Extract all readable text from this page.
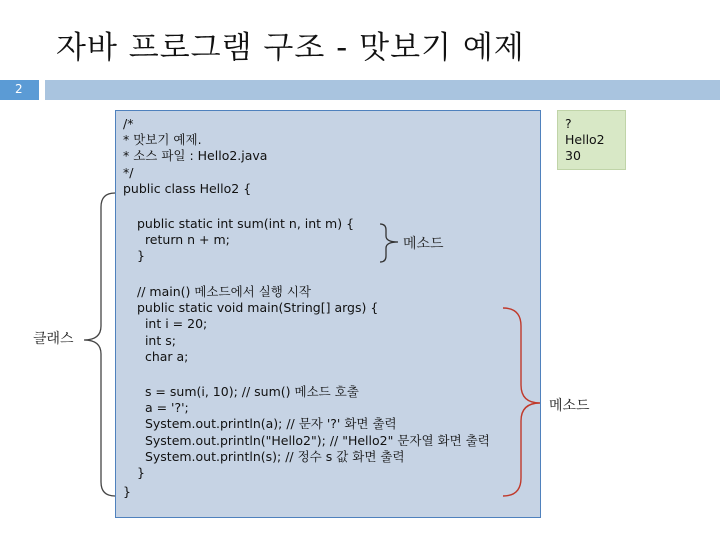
자바 프로그램 구조 - 맛보기 예제
2
/*
* 맛보기 예제.
* 소스 파일 : Hello2.java
*/
public class Hello2 {
public static int sum(int n, int m) {
return n + m;
}
// main() 메소드에서 실행 시작
public static void main(String[] args) {
int i = 20;
int s;
char a;
s = sum(i, 10); // sum() 메소드 호출
a = '?';
System.out.println(a); // 문자 '?' 화면 출력
System.out.println("Hello2"); // "Hello2" 문자열 화면 출력
System.out.println(s); // 정수 s 값 화면 출력
}
}
?
Hello2
30
메소드
메소드
클래스
